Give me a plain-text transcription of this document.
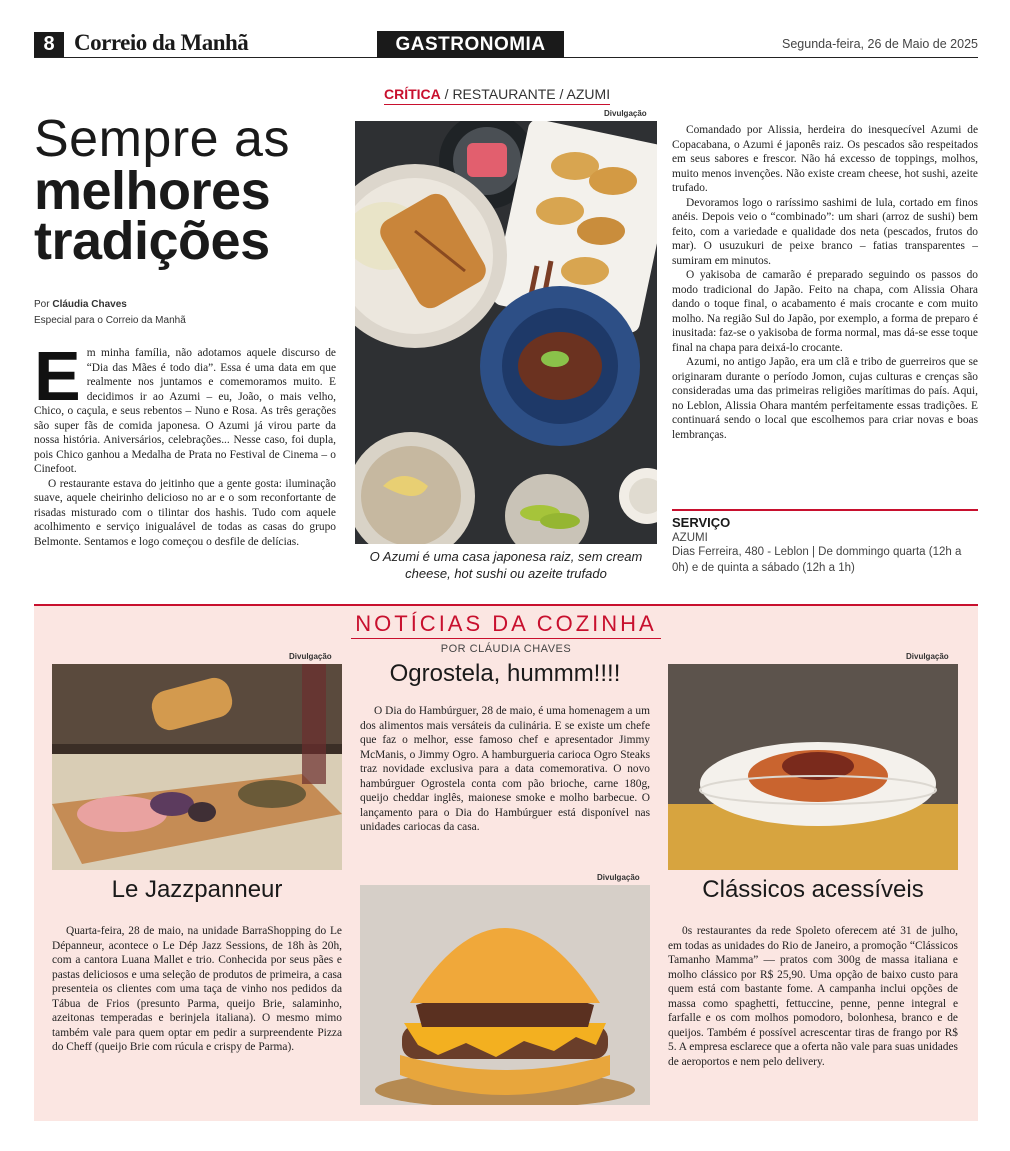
8 Correio da Manhã	GASTRONOMIA	Segunda-feira, 26 de Maio de 2025
CRÍTICA / RESTAURANTE / AZUMI
Sempre as
melhores
tradições
Por Cláudia Chaves
Especial para o Correio da Manhã

Em minha família, não adotamos aquele discurso de “Dia das Mães é todo dia”. Essa é uma data em que realmente nos juntamos e comemoramos muito. E decidimos ir ao Azumi – eu, João, o mais velho, Chico, o caçula, e seus rebentos – Nuno e Rosa. As três gerações são super fãs de comida japonesa. O Azumi já virou parte da nossa história. Aniversários, celebrações... Nesse caso, foi dupla, pois Chico ganhou a Medalha de Prata no Festival de Cinema – o Cinefoot.

O restaurante estava do jeitinho que a gente gosta: iluminação suave, aquele cheirinho delicioso no ar e o som reconfortante de risadas misturado com o tilintar dos hashis. Tudo com aquele acolhimento e serviço inigualável de todas as casas do grupo Belmonte. Sentamos e logo começou o desfile de delícias.

Divulgação
O Azumi é uma casa japonesa raiz, sem cream cheese, hot sushi ou azeite trufado

Comandado por Alissia, herdeira do inesquecível Azumi de Copacabana, o Azumi é japonês raiz. Os pescados são respeitados em seus sabores e frescor. Não há excesso de toppings, molhos, muito menos invenções. Não existe cream cheese, hot sushi, azeite trufado.

Devoramos logo o raríssimo sashimi de lula, cortado em finos anéis. Depois veio o “combinado”: um shari (arroz de sushi) bem feito, com a variedade e qualidade dos neta (pescados, frutos do mar). O usuzukuri de peixe branco – fatias transparentes – sumiram em minutos.

O yakisoba de camarão é preparado seguindo os passos do modo tradicional do Japão. Feito na chapa, com Alissia Ohara dando o toque final, o acabamento é mais crocante e com muito molho. Na região Sul do Japão, por exemplo, a forma de preparo é inusitada: faz-se o yakisoba de forma normal, mas dá-se esse toque final na chapa para deixá-lo crocante.

Azumi, no antigo Japão, era um clã e tribo de guerreiros que se originaram durante o período Jomon, cujas culturas e crenças são consideradas uma das primeiras religiões marítimas do país. Aqui, no Leblon, Alissia Ohara mantém perfeitamente essas tradições. E continuará sendo o local que escolhemos para criar novas e boas lembranças.

SERVIÇO
AZUMI
Dias Ferreira, 480 - Leblon | De dommingo quarta (12h a 0h) e de quinta a sábado (12h a 1h)
NOTÍCIAS DA COZINHA
POR CLÁUDIA CHAVES
Divulgação
Le Jazzpanneur

Quarta-feira, 28 de maio, na unidade BarraShopping do Le Dépanneur, acontece o Le Dép Jazz Sessions, de 18h às 20h, com a cantora Luana Mallet e trio. Conhecida por seus pães e pastas deliciosos e uma seleção de produtos de primeira, a casa presenteia os clientes com uma taça de vinho nos pedidos da Tábua de Frios (presunto Parma, queijo Brie, salaminho, azeitonas temperadas e berinjela italiana). O mesmo mimo também vale para quem optar em pedir a surpreendente Pizza do Cheff (queijo Brie com rúcula e crispy de Parma).

Ogrostela, hummm!!!!

O Dia do Hambúrguer, 28 de maio, é uma homenagem a um dos alimentos mais versáteis da culinária. E se existe um chefe que faz o melhor, esse famoso chef e apresentador Jimmy McManis, o Jimmy Ogro. A hamburgueria carioca Ogro Steaks traz novidade exclusiva para a data comemorativa. O novo hambúrguer Ogrostela conta com pão brioche, carne 180g, queijo cheddar inglês, maionese smoke e molho barbecue. O lançamento para o Dia do Hambúrguer está disponível nas unidades cariocas da casa.

Divulgação
Divulgação
Clássicos acessíveis

0s restaurantes da rede Spoleto oferecem até 31 de julho, em todas as unidades do Rio de Janeiro, a promoção “Clássicos Tamanho Mamma” — pratos com 300g de massa italiana e molho clássico por R$ 25,90. Uma opção de baixo custo para quem está com bastante fome. A campanha inclui opções de massa como spaghetti, fettuccine, penne, penne integral e farfalle e os com molhos pomodoro, bolonhesa, branco e de queijos. Também é possível acrescentar tiras de frango por R$ 5. A empresa esclarece que a oferta não vale para suas unidades de aeroportos e nem pelo delivery.
